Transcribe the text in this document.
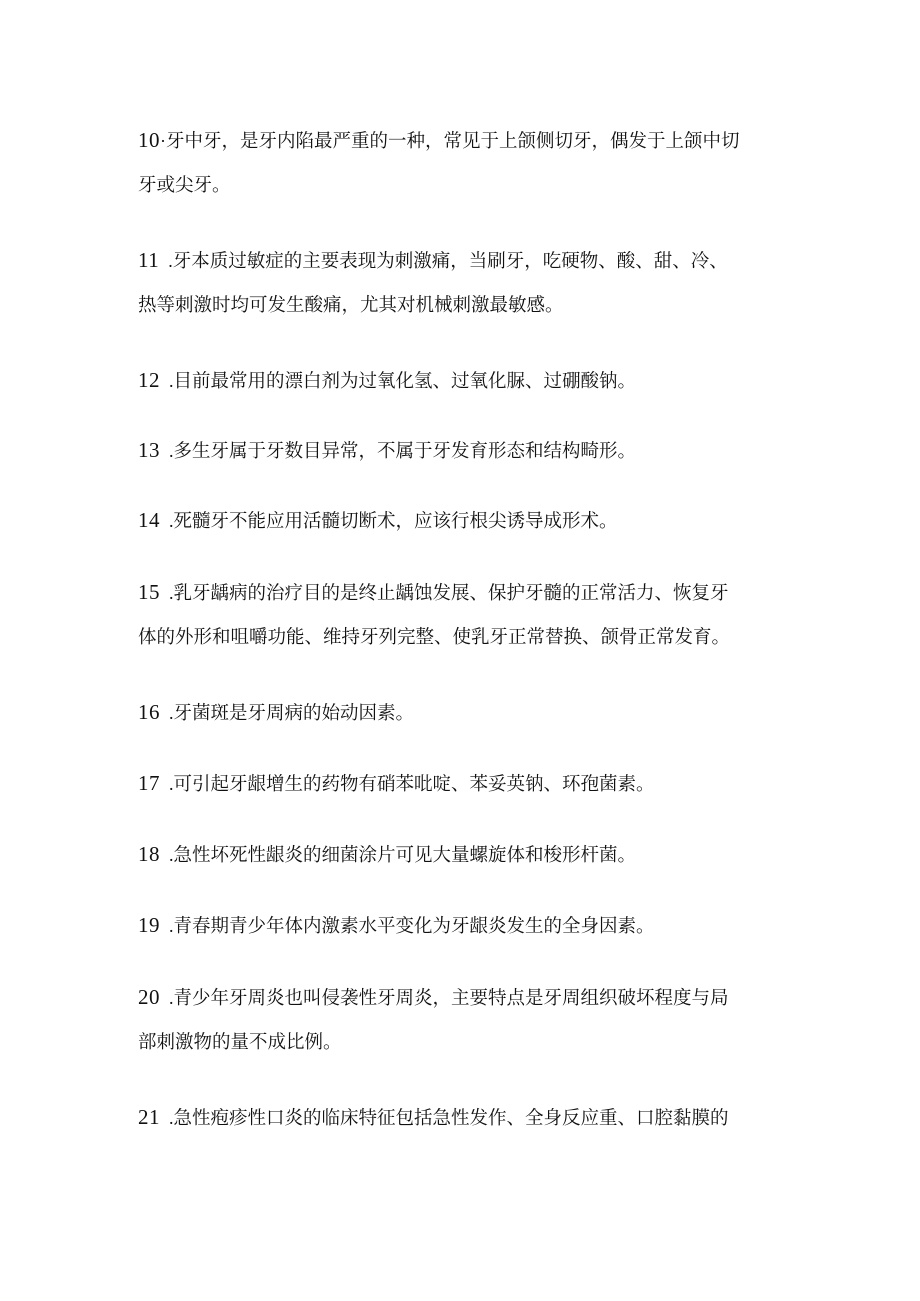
10·牙中牙，是牙内陷最严重的一种，常见于上颌侧切牙，偶发于上颌中切
牙或尖牙。
11  .牙本质过敏症的主要表现为刺激痛，当刷牙，吃硬物、酸、甜、冷、
热等刺激时均可发生酸痛，尤其对机械刺激最敏感。
12  .目前最常用的漂白剂为过氧化氢、过氧化脲、过硼酸钠。
13  .多生牙属于牙数目异常，不属于牙发育形态和结构畸形。
14  .死髓牙不能应用活髓切断术，应该行根尖诱导成形术。
15  .乳牙龋病的治疗目的是终止龋蚀发展、保护牙髓的正常活力、恢复牙
体的外形和咀嚼功能、维持牙列完整、使乳牙正常替换、颌骨正常发育。
16  .牙菌斑是牙周病的始动因素。
17  .可引起牙龈增生的药物有硝苯吡啶、苯妥英钠、环孢菌素。
18  .急性坏死性龈炎的细菌涂片可见大量螺旋体和梭形杆菌。
19  .青春期青少年体内激素水平变化为牙龈炎发生的全身因素。
20  .青少年牙周炎也叫侵袭性牙周炎，主要特点是牙周组织破坏程度与局
部刺激物的量不成比例。
21  .急性疱疹性口炎的临床特征包括急性发作、全身反应重、口腔黏膜的
